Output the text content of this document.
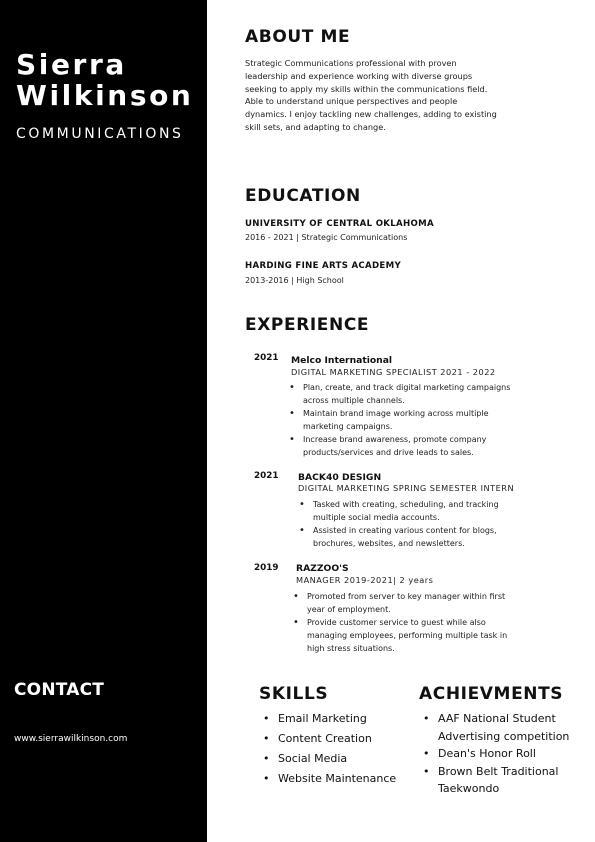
Sierra
Wilkinson
COMMUNICATIONS
CONTACT
www.sierrawilkinson.com
ABOUT ME
Strategic Communications professional with proven
leadership and experience working with diverse groups
seeking to apply my skills within the communications field.
Able to understand unique perspectives and people
dynamics. I enjoy tackling new challenges, adding to existing
skill sets, and adapting to change.
EDUCATION
UNIVERSITY OF CENTRAL OKLAHOMA
2016 - 2021 | Strategic Communications
HARDING FINE ARTS ACADEMY
2013-2016 | High School
EXPERIENCE
2021 Melco International
DIGITAL MARKETING SPECIALIST 2021 - 2022
• Plan, create, and track digital marketing campaigns
across multiple channels.
• Maintain brand image working across multiple
marketing campaigns.
• Increase brand awareness, promote company
products/services and drive leads to sales.
2021 BACK40 DESIGN
DIGITAL MARKETING SPRING SEMESTER INTERN
• Tasked with creating, scheduling, and tracking
multiple social media accounts.
• Assisted in creating various content for blogs,
brochures, websites, and newsletters.
2019 RAZZOO'S
MANAGER 2019-2021| 2 years
• Promoted from server to key manager within first
year of employment.
• Provide customer service to guest while also
managing employees, performing multiple task in
high stress situations.
SKILLS
• Email Marketing
• Content Creation
• Social Media
• Website Maintenance
ACHIEVMENTS
• AAF National Student
Advertising competition
• Dean's Honor Roll
• Brown Belt Traditional
Taekwondo
